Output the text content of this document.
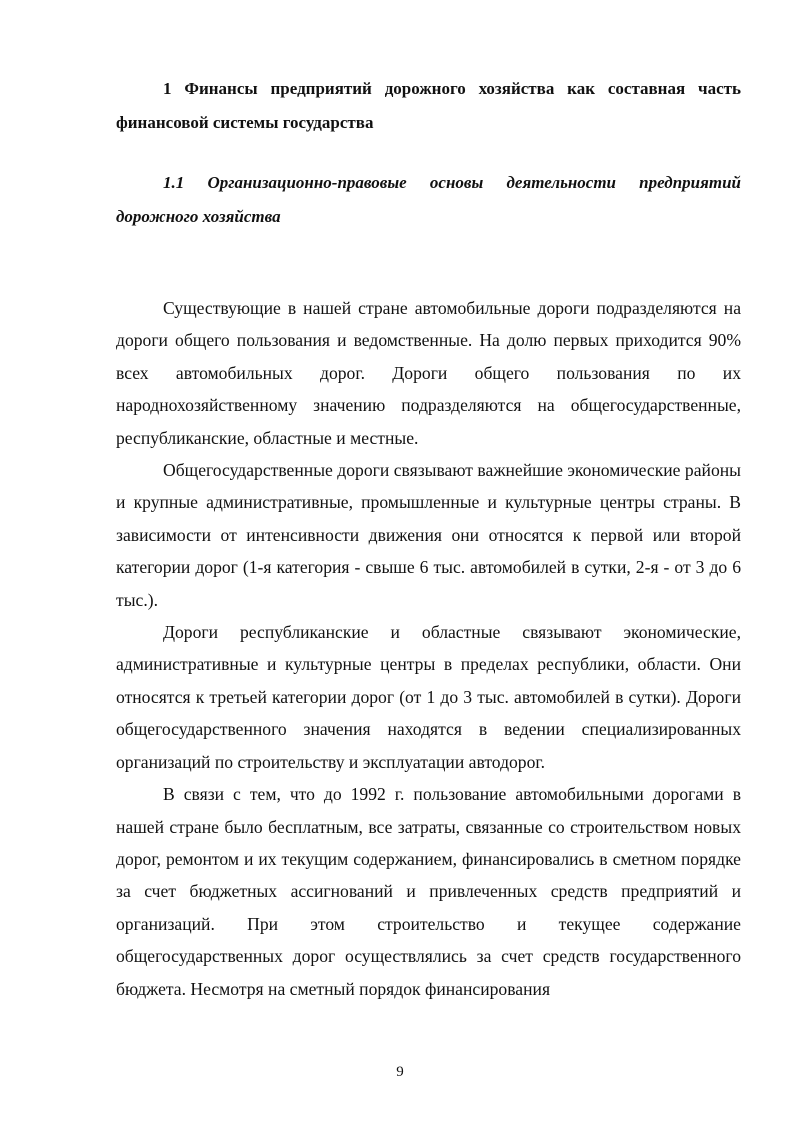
1 Финансы предприятий дорожного хозяйства как составная часть финансовой системы государства

1.1 Организационно-правовые основы деятельности предприятий дорожного хозяйства

Существующие в нашей стране автомобильные дороги подразделяются на дороги общего пользования и ведомственные. На долю первых приходится 90% всех автомобильных дорог. Дороги общего пользования по их народнохозяйственному значению подразделяются на общегосударственные, республиканские, областные и местные.

Общегосударственные дороги связывают важнейшие экономические районы и крупные административные, промышленные и культурные центры страны. В зависимости от интенсивности движения они относятся к первой или второй категории дорог (1-я категория - свыше 6 тыс. автомобилей в сутки, 2-я - от 3 до 6 тыс.).

Дороги республиканские и областные связывают экономические, административные и культурные центры в пределах республики, области. Они относятся к третьей категории дорог (от 1 до 3 тыс. автомобилей в сутки). Дороги общегосударственного значения находятся в ведении специализированных организаций по строительству и эксплуатации автодорог.

В связи с тем, что до 1992 г. пользование автомобильными дорогами в нашей стране было бесплатным, все затраты, связанные со строительством новых дорог, ремонтом и их текущим содержанием, финансировались в сметном порядке за счет бюджетных ассигнований и привлеченных средств предприятий и организаций. При этом строительство и текущее содержание общегосударственных дорог осуществлялись за счет средств государственного бюджета. Несмотря на сметный порядок финансирования

9
